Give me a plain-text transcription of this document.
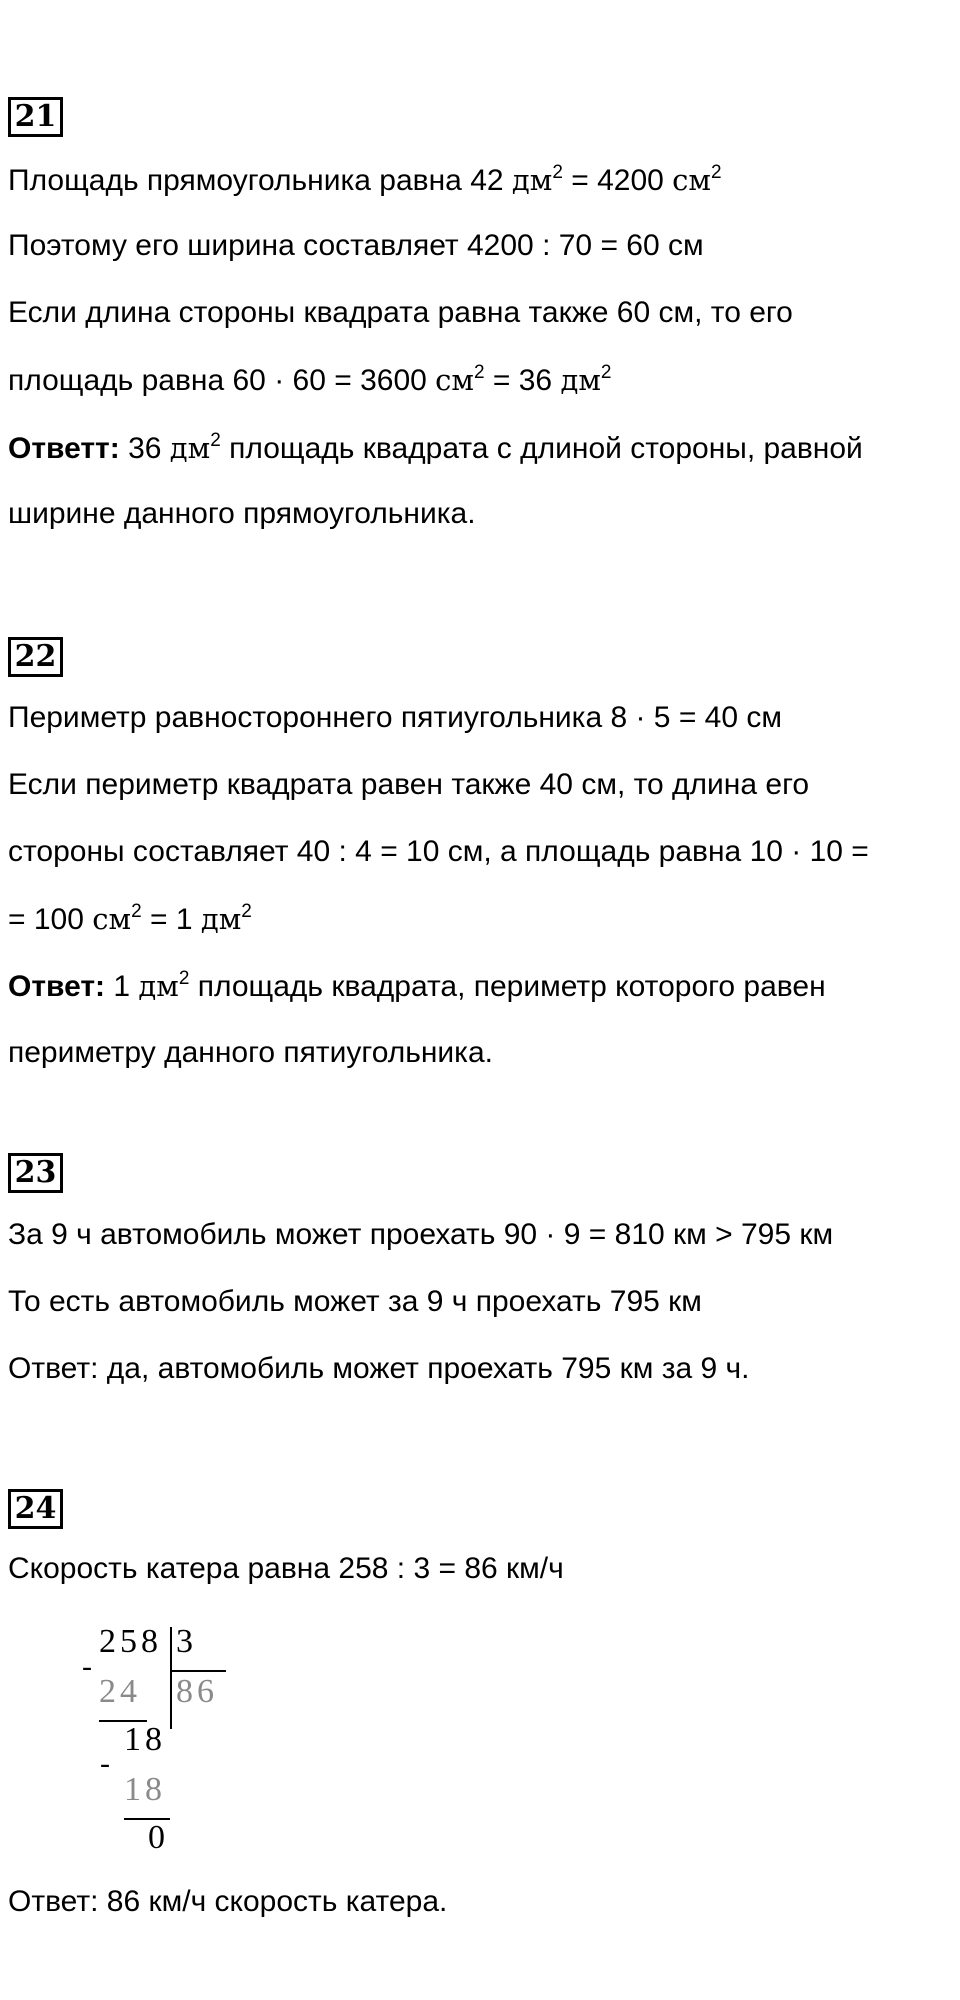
21
Площадь прямоугольника равна 42 $дм^2 = 4200$ $см^2$
Поэтому его ширина составляет 4200 : 70 = 60 см
Если длина стороны квадрата равна также 60 см, то его
площадь равна 60 · 60 = 3600 $см^2 = 36$ $дм^2$
Ответт: 36 $дм^2$ площадь квадрата с длиной стороны, равной
ширине данного прямоугольника.
22
Периметр равностороннего пятиугольника 8 · 5 = 40 см
Если периметр квадрата равен также 40 см, то длина его
стороны составляет 40 : 4 = 10 см, а площадь равна 10 · 10 =
= 100 $см^2 = 1$ $дм^2$
Ответ: 1 $дм^2$ площадь квадрата, периметр которого равен
периметру данного пятиугольника.
23
За 9 ч автомобиль может проехать 90 · 9 = 810 км > 795 км
То есть автомобиль может за 9 ч проехать 795 км
Ответ: да, автомобиль может проехать 795 км за 9 ч.
24
Скорость катера равна 258 : 3 = 86 км/ч
258 3
86
-
24
18
-
18
0
Ответ: 86 км/ч скорость катера.
